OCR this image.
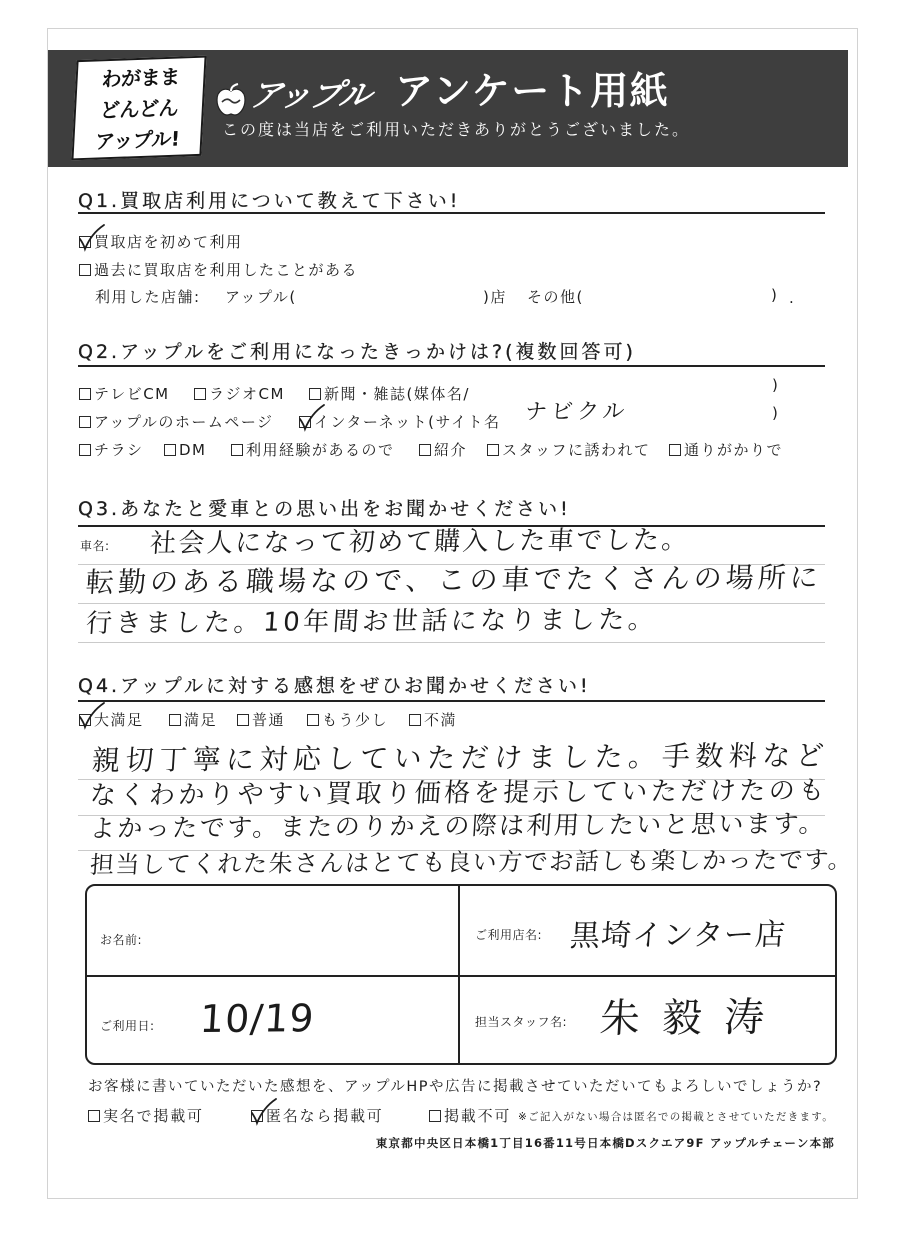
わがまま
どんどん
アップル!
アップル アンケート用紙
この度は当店をご利用いただきありがとうございました。
Q1.買取店利用について教えて下さい!
買取店を初めて利用
過去に買取店を利用したことがある
利用した店舗: アップル(	)店 その他(	) .
Q2.アップルをご利用になったきっかけは?(複数回答可)
テレビCM	ラジオCM	新聞・雑誌(媒体名/	)
アップルのホームページ	インターネット(サイト名 ナビクル	)
チラシ DM	利用経験があるので	紹介 スタッフに誘われて 通りがかりで
Q3.あなたと愛車との思い出をお聞かせください!
車名: 社会人になって初めて購入した車でした。
転勤のある職場なので、この車でたくさんの場所に
行きました。10年間お世話になりました。
Q4.アップルに対する感想をぜひお聞かせください!
大満足	満足 普通 もう少し 不満
親切丁寧に対応していただけました。手数料など
なくわかりやすい買取り価格を提示していただけたのも
よかったです。またのりかえの際は利用したいと思います。
担当してくれた朱さんはとても良い方でお話しも楽しかったです。
お名前:	ご利用店名: 黒埼インター店
ご利用日: 10/19	担当スタッフ名: 朱毅涛
お客様に書いていただいた感想を、アップルHPや広告に掲載させていただいてもよろしいでしょうか?
実名で掲載可	匿名なら掲載可	掲載不可 ※ご記入がない場合は匿名での掲載とさせていただきます。
東京都中央区日本橋1丁目16番11号日本橋Dスクエア9F アップルチェーン本部
